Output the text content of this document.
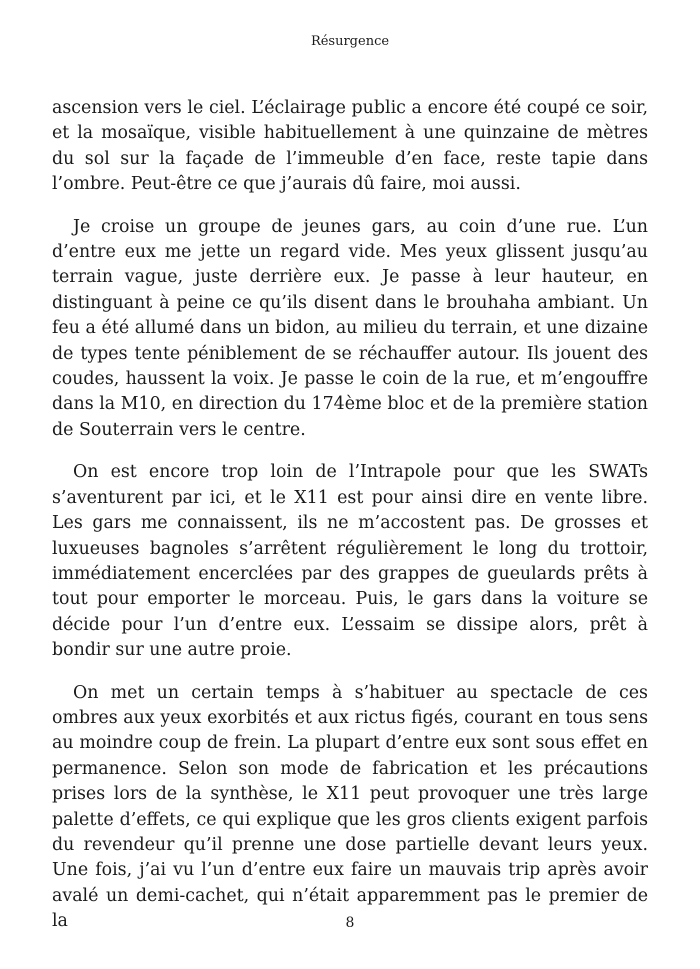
Résurgence

ascension vers le ciel. L’éclairage public a encore été coupé ce soir, et la mosaïque, visible habituellement à une quinzaine de mètres du sol sur la façade de l’immeuble d’en face, reste tapie dans l’ombre. Peut-être ce que j’aurais dû faire, moi aussi.

Je croise un groupe de jeunes gars, au coin d’une rue. L’un d’entre eux me jette un regard vide. Mes yeux glissent jusqu’au terrain vague, juste derrière eux. Je passe à leur hauteur, en distinguant à peine ce qu’ils disent dans le brouhaha ambiant. Un feu a été allumé dans un bidon, au milieu du terrain, et une dizaine de types tente péniblement de se réchauffer autour. Ils jouent des coudes, haussent la voix. Je passe le coin de la rue, et m’engouffre dans la M10, en direction du 174ème bloc et de la première station de Souterrain vers le centre.

On est encore trop loin de l’Intrapole pour que les SWATs s’aventurent par ici, et le X11 est pour ainsi dire en vente libre. Les gars me connaissent, ils ne m’accostent pas. De grosses et luxueuses bagnoles s’arrêtent régulièrement le long du trottoir, immédiatement encerclées par des grappes de gueulards prêts à tout pour emporter le morceau. Puis, le gars dans la voiture se décide pour l’un d’entre eux. L’essaim se dissipe alors, prêt à bondir sur une autre proie.

On met un certain temps à s’habituer au spectacle de ces ombres aux yeux exorbités et aux rictus figés, courant en tous sens au moindre coup de frein. La plupart d’entre eux sont sous effet en permanence. Selon son mode de fabrication et les précautions prises lors de la synthèse, le X11 peut provoquer une très large palette d’effets, ce qui explique que les gros clients exigent parfois du revendeur qu’il prenne une dose partielle devant leurs yeux. Une fois, j’ai vu l’un d’entre eux faire un mauvais trip après avoir avalé un demi-cachet, qui n’était apparemment pas le premier de la	8
